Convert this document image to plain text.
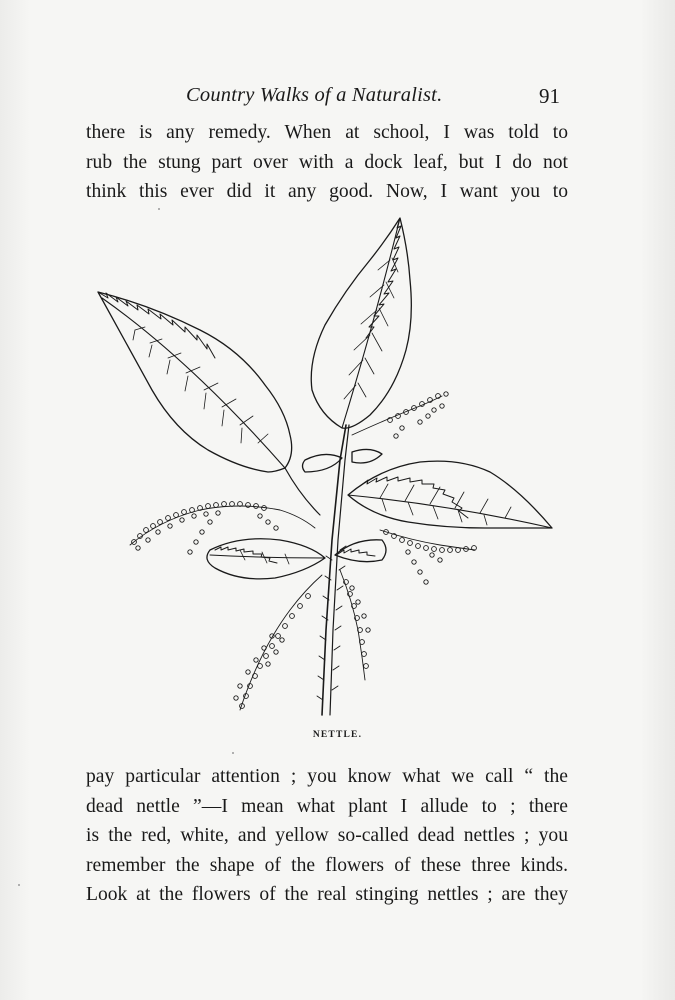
Country Walks of a Naturalist.	91
there is any remedy. When at school, I was told to
rub the stung part over with a dock leaf, but I do not
think this ever did it any good. Now, I want you to
NETTLE.
pay particular attention ; you know what we call “ the
dead nettle ”—I mean what plant I allude to ; there
is the red, white, and yellow so-called dead nettles ; you
remember the shape of the flowers of these three kinds.
Look at the flowers of the real stinging nettles ; are they
